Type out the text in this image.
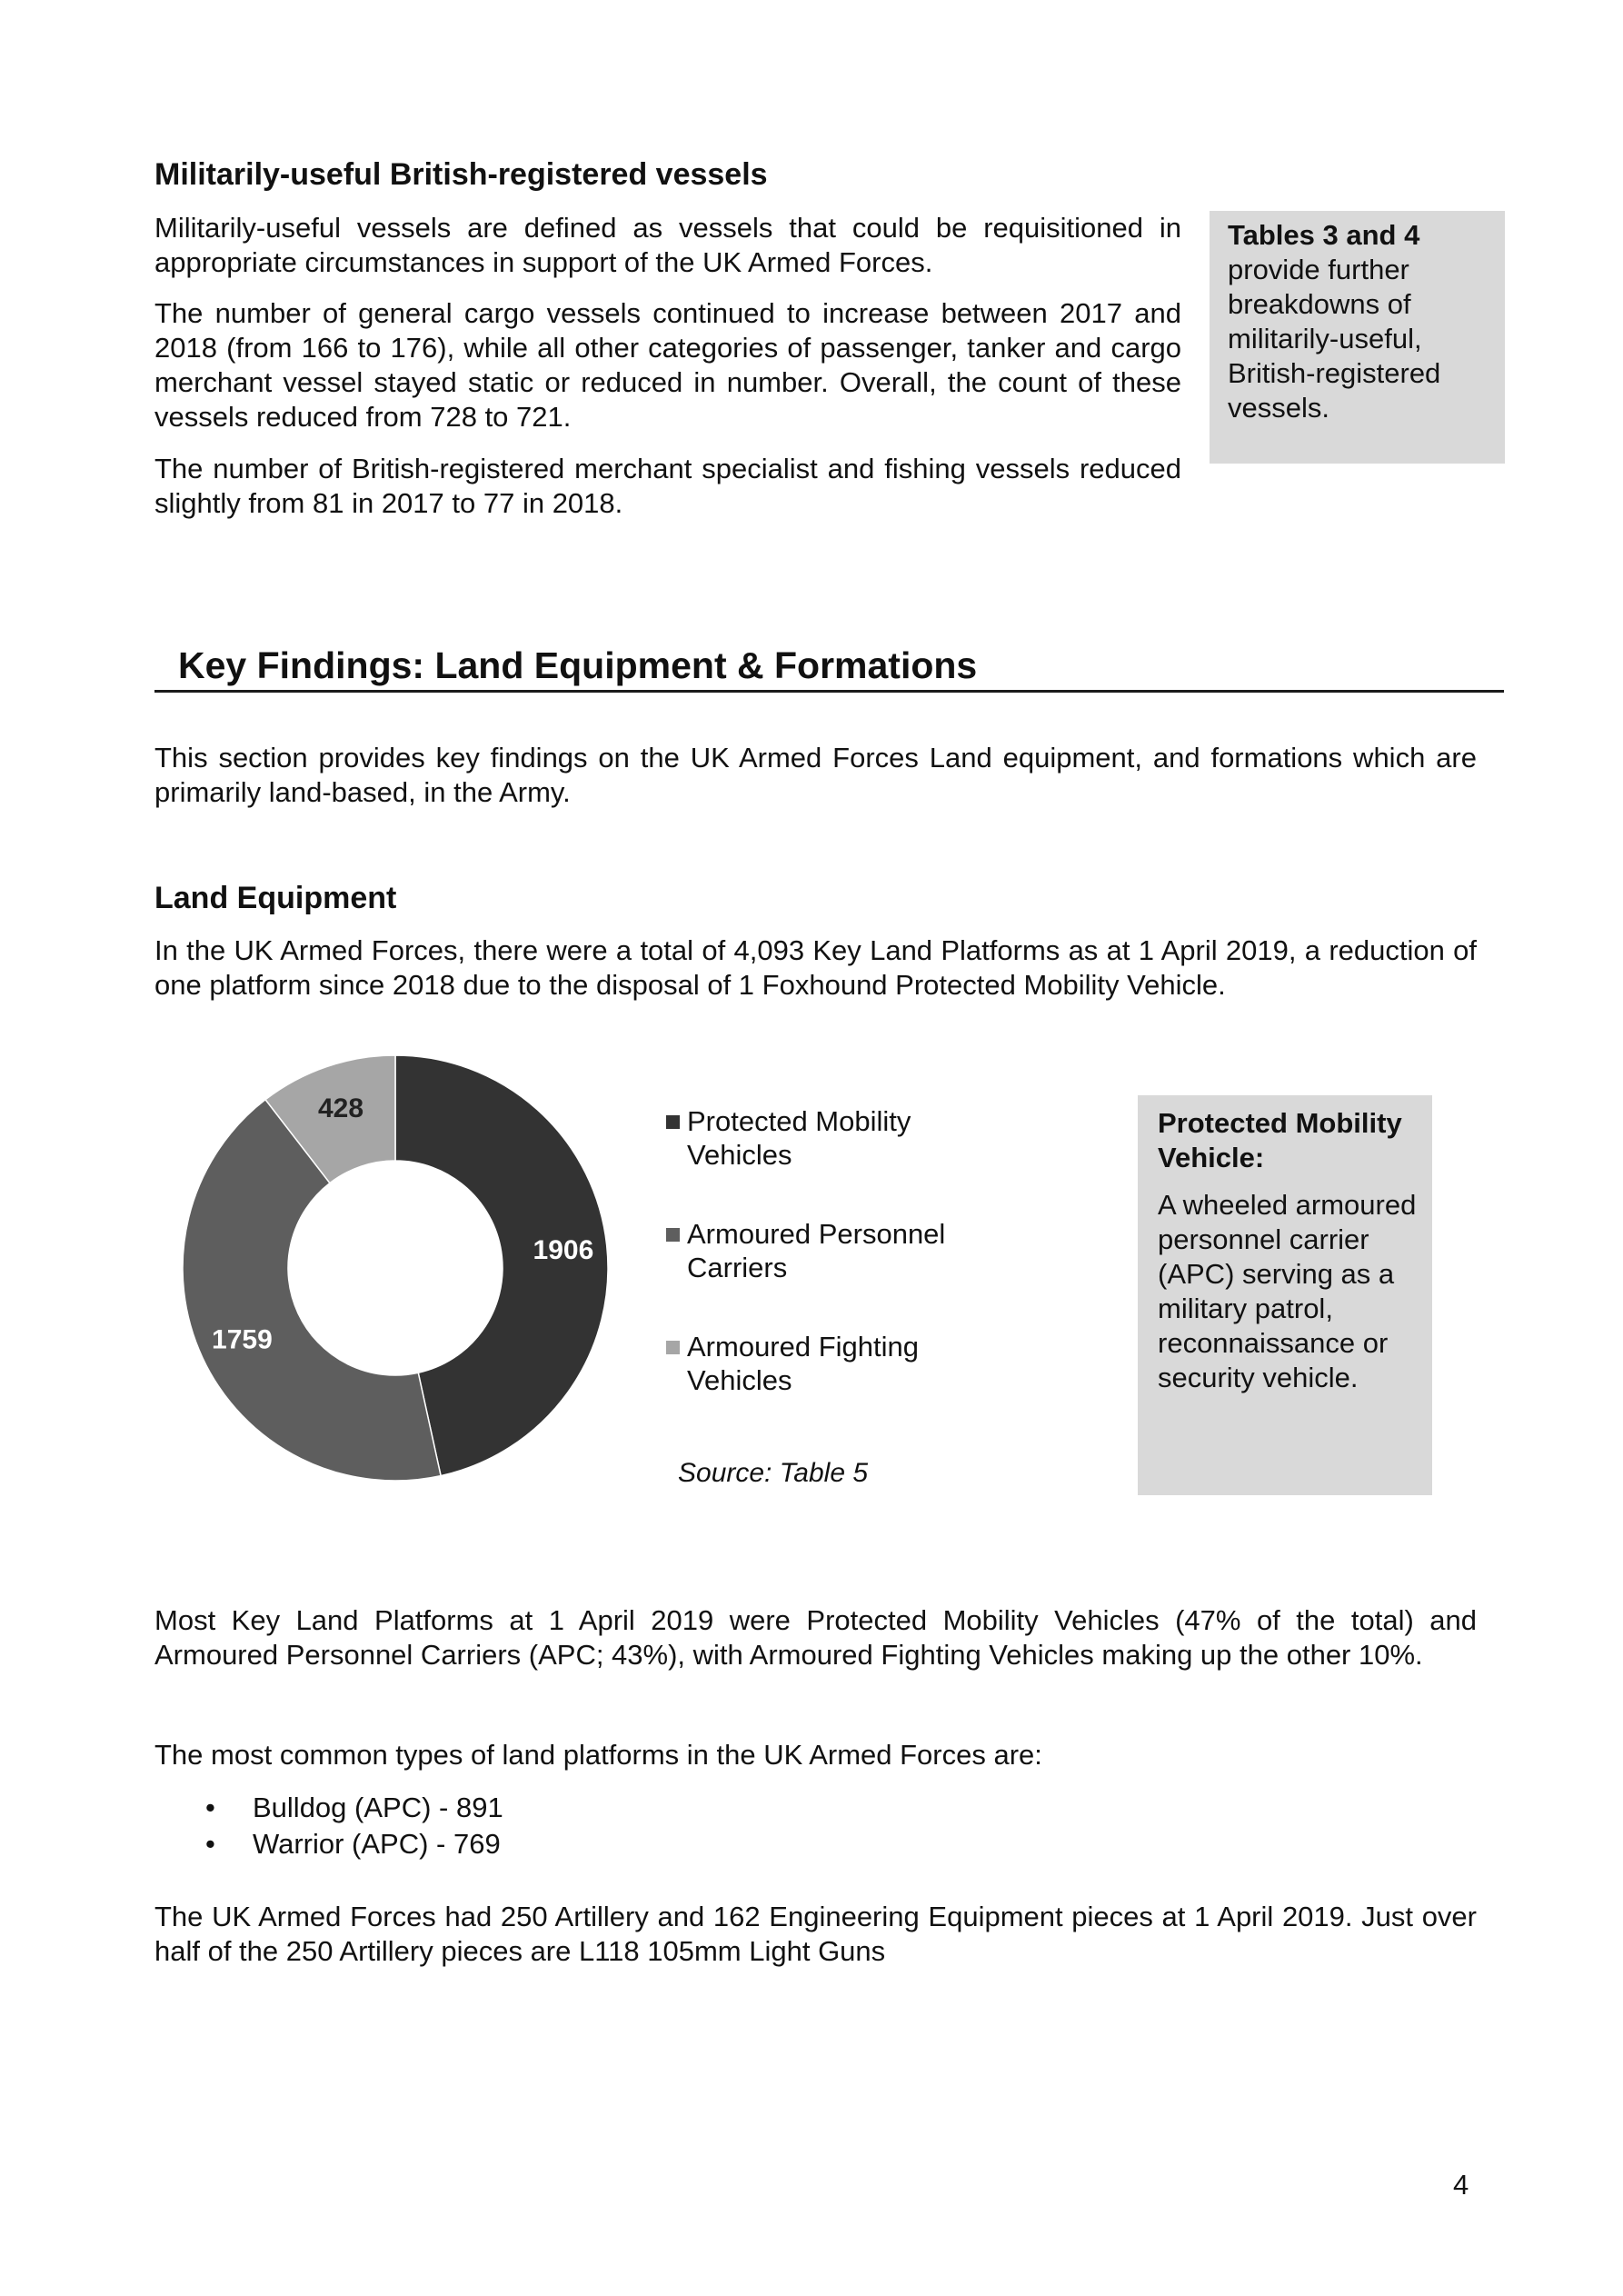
Militarily-useful British-registered vessels
Militarily-useful vessels are defined as vessels that could be requisitioned in appropriate circumstances in support of the UK Armed Forces.
The number of general cargo vessels continued to increase between 2017 and 2018 (from 166 to 176), while all other categories of passenger, tanker and cargo merchant vessel stayed static or reduced in number. Overall, the count of these vessels reduced from 728 to 721.
The number of British-registered merchant specialist and fishing vessels reduced slightly from 81 in 2017 to 77 in 2018.
Tables 3 and 4
provide further breakdowns of militarily-useful, British-registered vessels.
Key Findings: Land Equipment & Formations
This section provides key findings on the UK Armed Forces Land equipment, and formations which are primarily land-based, in the Army.
Land Equipment
In the UK Armed Forces, there were a total of 4,093 Key Land Platforms as at 1 April 2019, a reduction of one platform since 2018 due to the disposal of 1 Foxhound Protected Mobility Vehicle.
1906
1759
428	Protected Mobility Vehicles
Armoured Personnel Carriers
Armoured Fighting Vehicles
Source: Table 5
Protected Mobility Vehicle:
A wheeled armoured personnel carrier (APC) serving as a military patrol, reconnaissance or security vehicle.
Most Key Land Platforms at 1 April 2019 were Protected Mobility Vehicles (47% of the total) and Armoured Personnel Carriers (APC; 43%), with Armoured Fighting Vehicles making up the other 10%.
The most common types of land platforms in the UK Armed Forces are:
•	Bulldog (APC) - 891
•	Warrior (APC) - 769
The UK Armed Forces had 250 Artillery and 162 Engineering Equipment pieces at 1 April 2019. Just over half of the 250 Artillery pieces are L118 105mm Light Guns
4
